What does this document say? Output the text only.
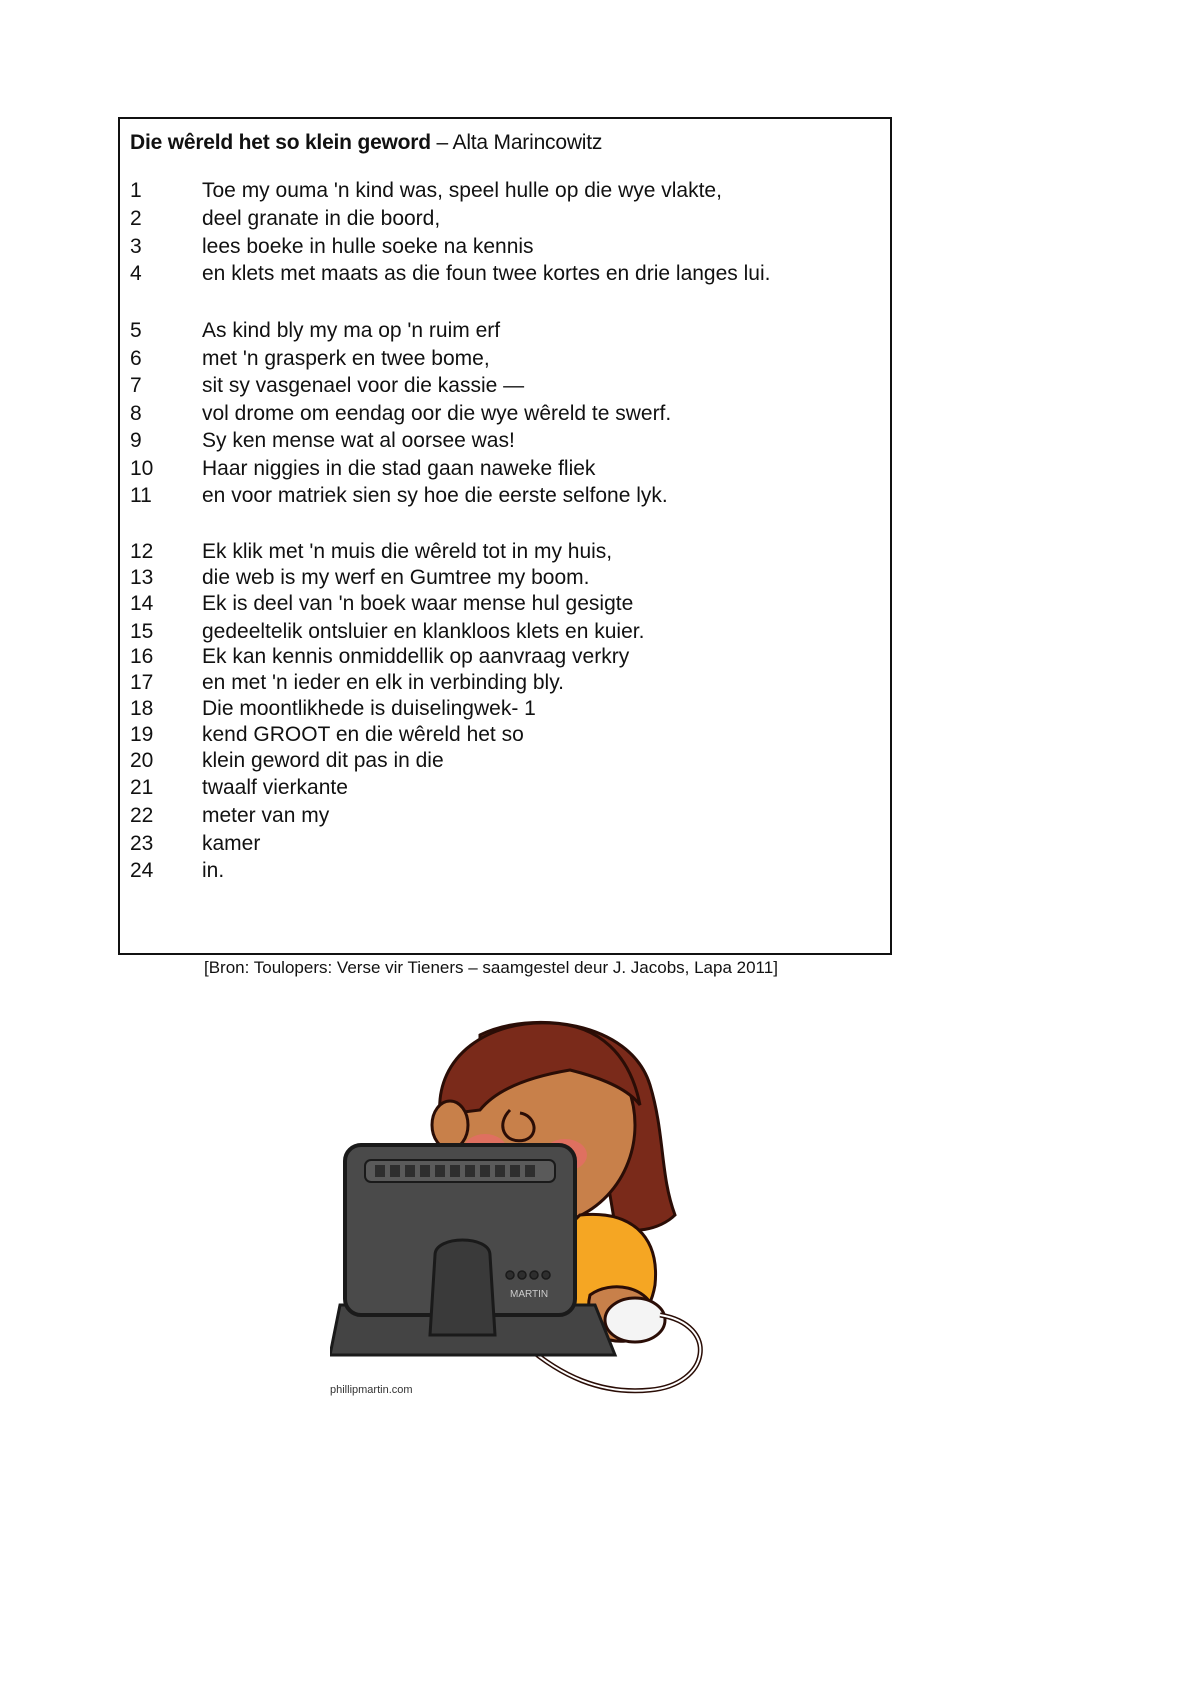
Die wêreld het so klein geword – Alta Marincowitz
1	Toe my ouma 'n kind was, speel hulle op die wye vlakte,
2	deel granate in die boord,
3	lees boeke in hulle soeke na kennis
4	en klets met maats as die foun twee kortes en drie langes lui.
5	As kind bly my ma op 'n ruim erf
6	met 'n grasperk en twee bome,
7	sit sy vasgenael voor die kassie —
8	vol drome om eendag oor die wye wêreld te swerf.
9	Sy ken mense wat al oorsee was!
10	Haar niggies in die stad gaan naweke fliek
11	en voor matriek sien sy hoe die eerste selfone lyk.
12	Ek klik met 'n muis die wêreld tot in my huis,
13	die web is my werf en Gumtree my boom.
14	Ek is deel van 'n boek waar mense hul gesigte
15	gedeeltelik ontsluier en klankloos klets en kuier.
16	Ek kan kennis onmiddellik op aanvraag verkry
17	en met 'n ieder en elk in verbinding bly.
18	Die moontlikhede is duiselingwek- 1
19	kend GROOT en die wêreld het so
20	klein geword dit pas in die
21	twaalf vierkante
22	meter van my
23	kamer
24	in.
[Bron: Toulopers: Verse vir Tieners – saamgestel deur J. Jacobs, Lapa 2011]
MARTIN
phillipmartin.com
